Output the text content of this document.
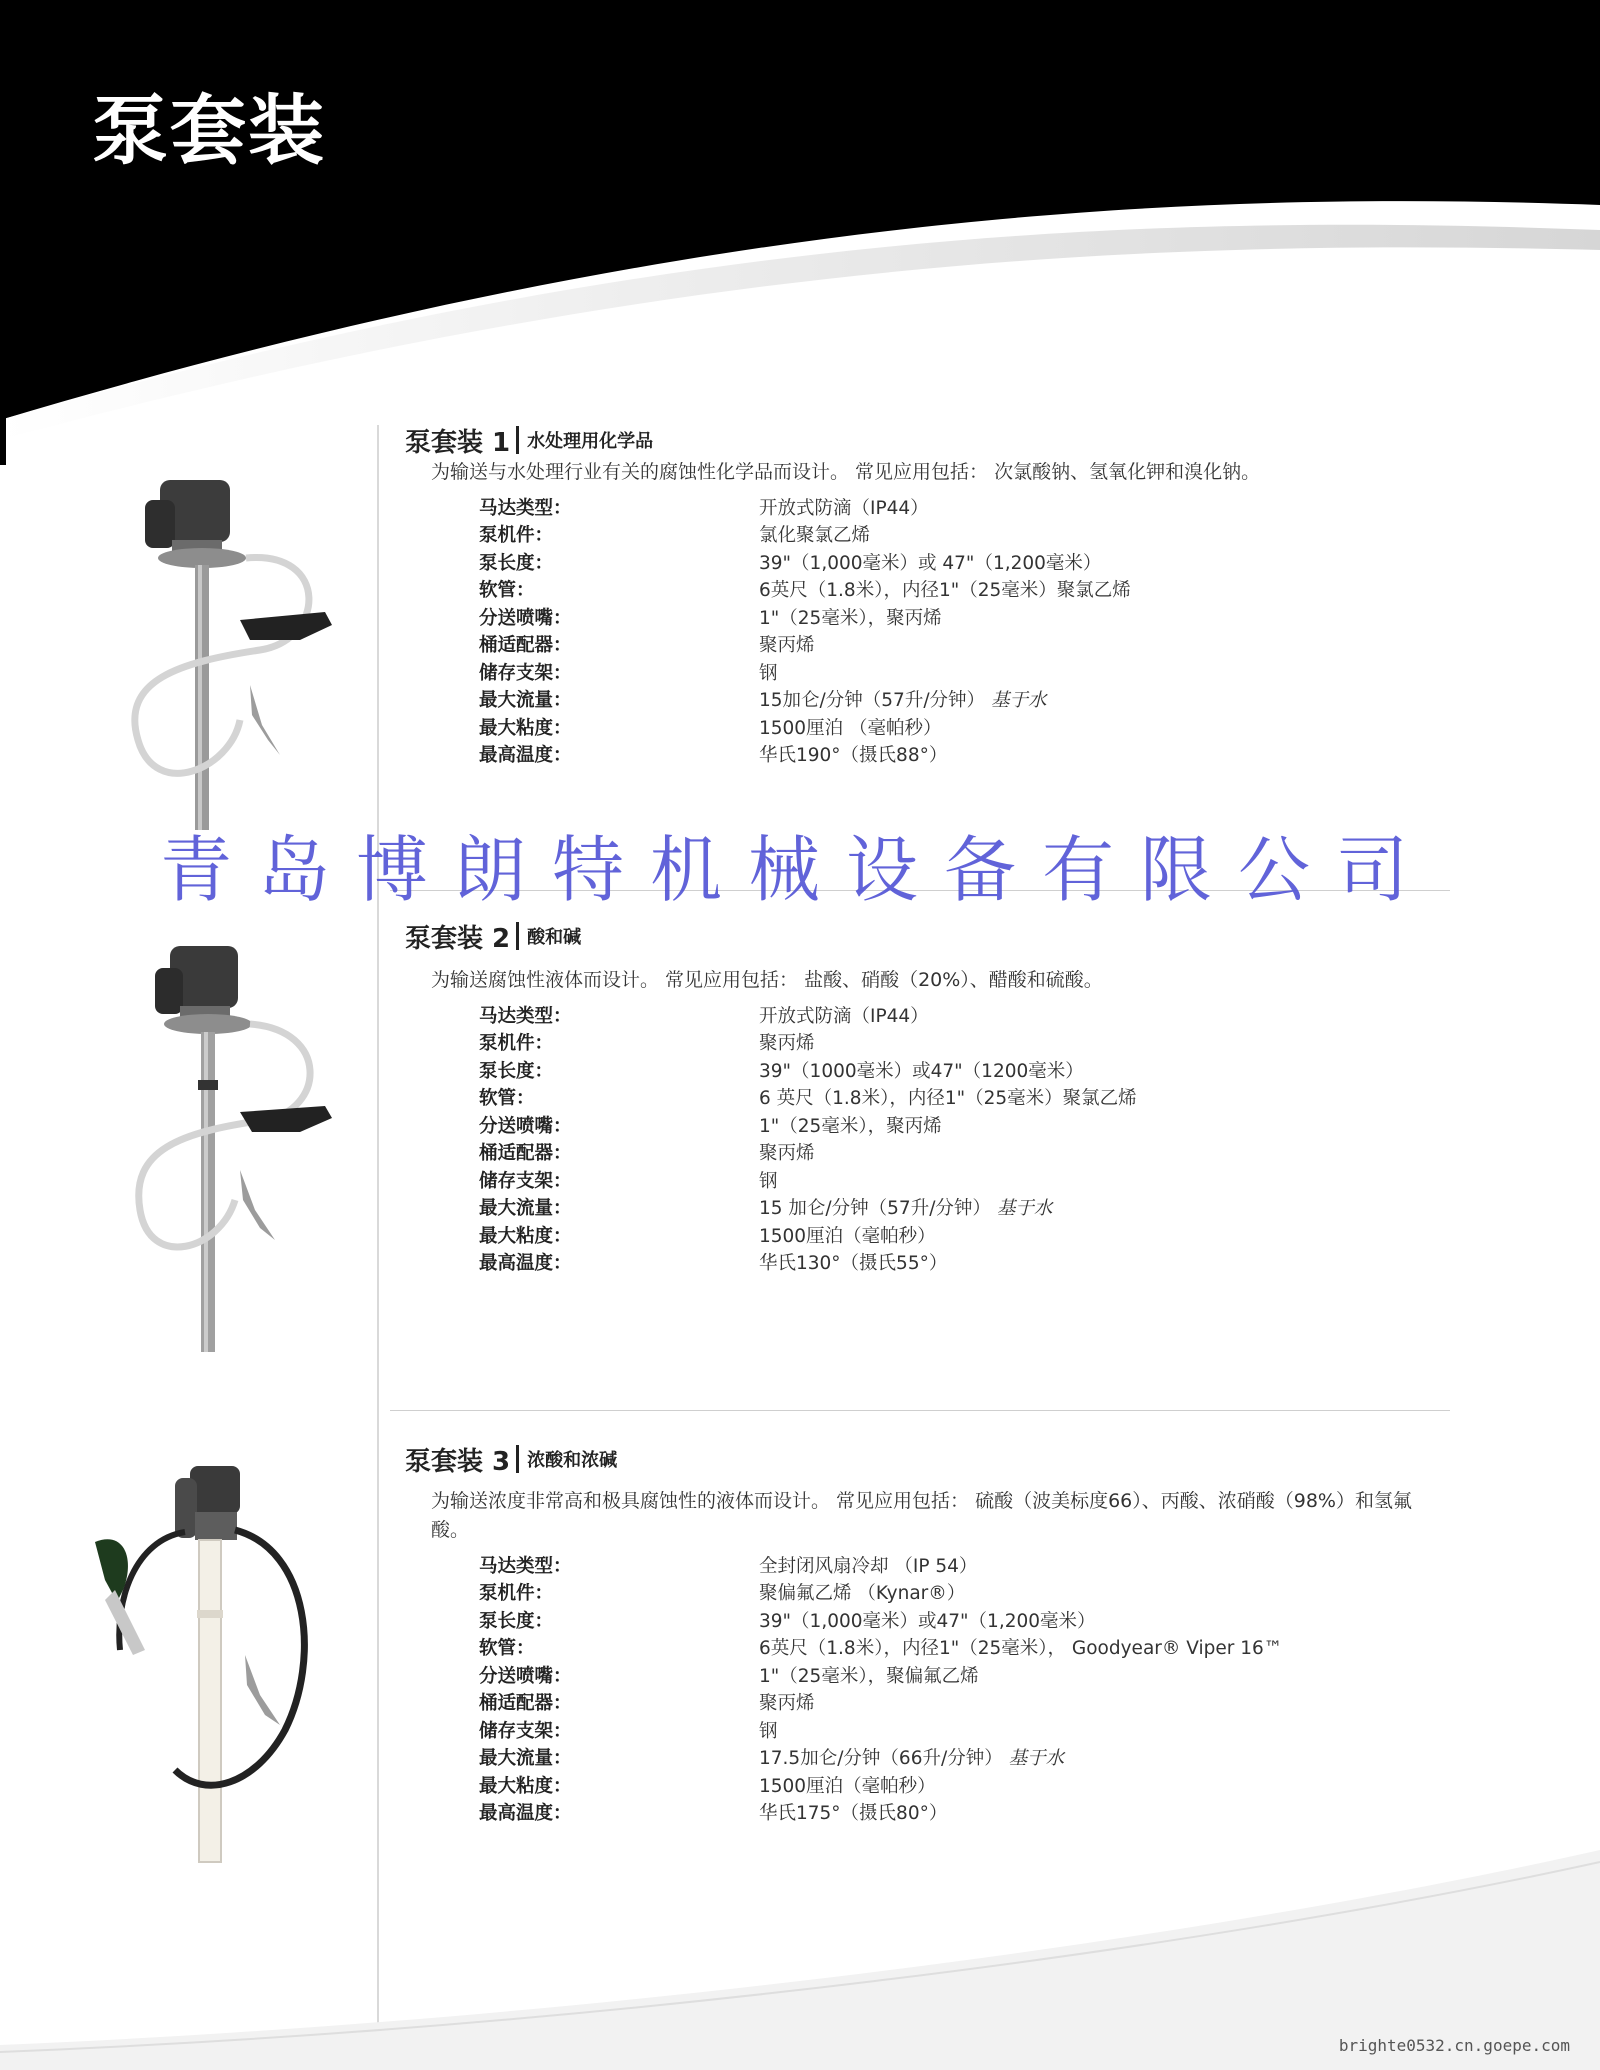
泵套装
泵套装 1 水处理用化学品

为输送与水处理行业有关的腐蚀性化学品而设计。 常见应用包括： 次氯酸钠、氢氧化钾和溴化钠。

马达类型：	开放式防滴（IP44）
泵机件：	氯化聚氯乙烯
泵长度：	39"（1,000毫米）或 47"（1,200毫米）
软管：	6英尺（1.8米），内径1"（25毫米）聚氯乙烯
分送喷嘴：	1"（25毫米），聚丙烯
桶适配器：	聚丙烯
储存支架：	钢
最大流量：	15加仑/分钟（57升/分钟） 基于水
最大粘度：	1500厘泊 （毫帕秒）
最高温度：	华氏190°（摄氏88°）
泵套装 2 酸和碱

为输送腐蚀性液体而设计。 常见应用包括： 盐酸、硝酸（20%）、醋酸和硫酸。

马达类型：	开放式防滴（IP44）
泵机件：	聚丙烯
泵长度：	39"（1000毫米）或47"（1200毫米）
软管：	6 英尺（1.8米），内径1"（25毫米）聚氯乙烯
分送喷嘴：	1"（25毫米），聚丙烯
桶适配器：	聚丙烯
储存支架：	钢
最大流量：	15 加仑/分钟（57升/分钟） 基于水
最大粘度：	1500厘泊（毫帕秒）
最高温度：	华氏130°（摄氏55°）
泵套装 3 浓酸和浓碱

为输送浓度非常高和极具腐蚀性的液体而设计。 常见应用包括： 硫酸（波美标度66）、丙酸、浓硝酸（98%）和氢氟酸。

马达类型：	全封闭风扇冷却 （IP 54）
泵机件：	聚偏氟乙烯 （Kynar®）
泵长度：	39"（1,000毫米）或47"（1,200毫米）
软管：	6英尺（1.8米），内径1"（25毫米）， Goodyear® Viper 16™
分送喷嘴：	1"（25毫米），聚偏氟乙烯
桶适配器：	聚丙烯
储存支架：	钢
最大流量：	17.5加仑/分钟（66升/分钟） 基于水
最大粘度：	1500厘泊（毫帕秒）
最高温度：	华氏175°（摄氏80°）
青岛博朗特机械设备有限公司
brighte0532.cn.goepe.com
